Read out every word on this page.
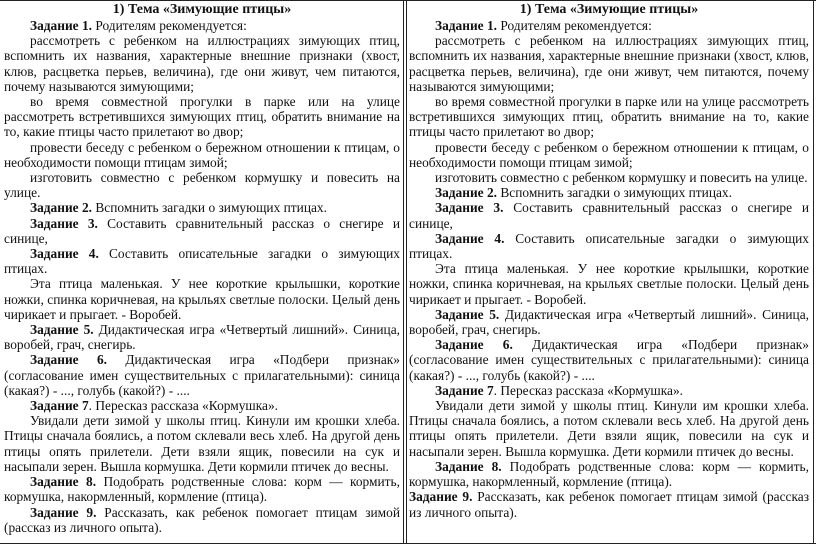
1) Тема «Зимующие птицы»

Задание 1. Родителям рекомендуется:

рассмотреть с ребенком на иллюстрациях зимующих птиц, вспомнить их названия, характерные внешние признаки (хвост, клюв, расцветка перьев, величина), где они живут, чем питаются, почему называются зимующими;

во время совместной прогулки в парке или на улице рассмотреть встретившихся зимующих птиц, обратить внимание на то, какие птицы часто прилетают во двор;

провести беседу с ребенком о бережном отношении к птицам, о необходимости помощи птицам зимой;

изготовить совместно с ребенком кормушку и повесить на улице.

Задание 2. Вспомнить загадки о зимующих птицах.

Задание 3. Составить сравнительный рассказ о снегире и синице,

Задание 4. Составить описательные загадки о зимующих птицах.

Эта птица маленькая. У нее короткие крылышки, короткие ножки, спинка коричневая, на крыльях светлые полоски. Целый день чирикает и прыгает. - Воробей.

Задание 5. Дидактическая игра «Четвертый лишний». Синица, воробей, грач, снегирь.

Задание 6. Дидактическая игра «Подбери признак» (согласование имен существительных с прилагательными): синица (какая?) - ..., голубь (какой?) - ....

Задание 7. Пересказ рассказа «Кормушка».

Увидали дети зимой у школы птиц. Кинули им крошки хлеба. Птицы сначала боялись, а потом склевали весь хлеб. На другой день птицы опять прилетели. Дети взяли ящик, повесили на сук и насыпали зерен. Вышла кормушка. Дети кормили птичек до весны.

Задание 8. Подобрать родственные слова: корм — кормить, кормушка, накормленный, кормление (птица).

Задание 9. Рассказать, как ребенок помогает птицам зимой (рассказ из личного опыта).

1) Тема «Зимующие птицы»

Задание 1. Родителям рекомендуется:

рассмотреть с ребенком на иллюстрациях зимующих птиц, вспомнить их названия, характерные внешние признаки (хвост, клюв, расцветка перьев, величина), где они живут, чем питаются, почему называются зимующими;

во время совместной прогулки в парке или на улице рассмотреть встретившихся зимующих птиц, обратить внимание на то, какие птицы часто прилетают во двор;

провести беседу с ребенком о бережном отношении к птицам, о необходимости помощи птицам зимой;

изготовить совместно с ребенком кормушку и повесить на улице.

Задание 2. Вспомнить загадки о зимующих птицах.

Задание 3. Составить сравнительный рассказ о снегире и синице,

Задание 4. Составить описательные загадки о зимующих птицах.

Эта птица маленькая. У нее короткие крылышки, короткие ножки, спинка коричневая, на крыльях светлые полоски. Целый день чирикает и прыгает. - Воробей.

Задание 5. Дидактическая игра «Четвертый лишний». Синица, воробей, грач, снегирь.

Задание 6. Дидактическая игра «Подбери признак» (согласование имен существительных с прилагательными): синица (какая?) - ..., голубь (какой?) - ....

Задание 7. Пересказ рассказа «Кормушка».

Увидали дети зимой у школы птиц. Кинули им крошки хлеба. Птицы сначала боялись, а потом склевали весь хлеб. На другой день птицы опять прилетели. Дети взяли ящик, повесили на сук и насыпали зерен. Вышла кормушка. Дети кормили птичек до весны.

Задание 8. Подобрать родственные слова: корм — кормить, кормушка, накормленный, кормление (птица).

Задание 9. Рассказать, как ребенок помогает птицам зимой (рассказ из личного опыта).
